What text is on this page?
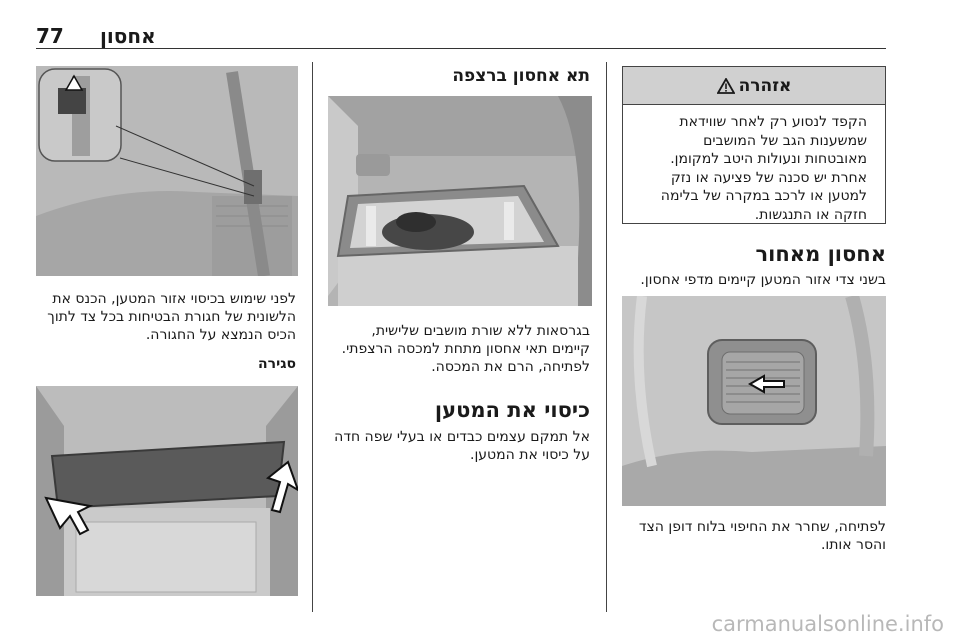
77 אחסון
אזהרה
הקפד לנסוע רק לאחר שווידאת
שמשענות הגב של המושבים
מאובטחות ונעולות היטב למקומן.
אחרת יש סכנה של פציעה או נזק
למטען או לרכב במקרה של בלימה
חזקה או התנגשות.
אחסון מאחור
בשני צדי אזור המטען קיימים מדפי אחסון.
לפתיחה, שחרר את החיפוי בלוח דופן הצד
והסר אותו.
תא אחסון ברצפה
בגרסאות ללא שורת מושבים שלישית,
קיימים תאי אחסון מתחת למכסה הרצפתי.
לפתיחה, הרם את המכסה.
כיסוי את המטען
אל תמקם עצמים כבדים או בעלי שפה חדה
על כיסוי את המטען.
לפני שימוש בכיסוי אזור המטען, הכנס את
הלשונית של חגורת הבטיחות בכל צד לתוך
הכיס הנמצא על החגורה.
סגירה
carmanualsonline.info
